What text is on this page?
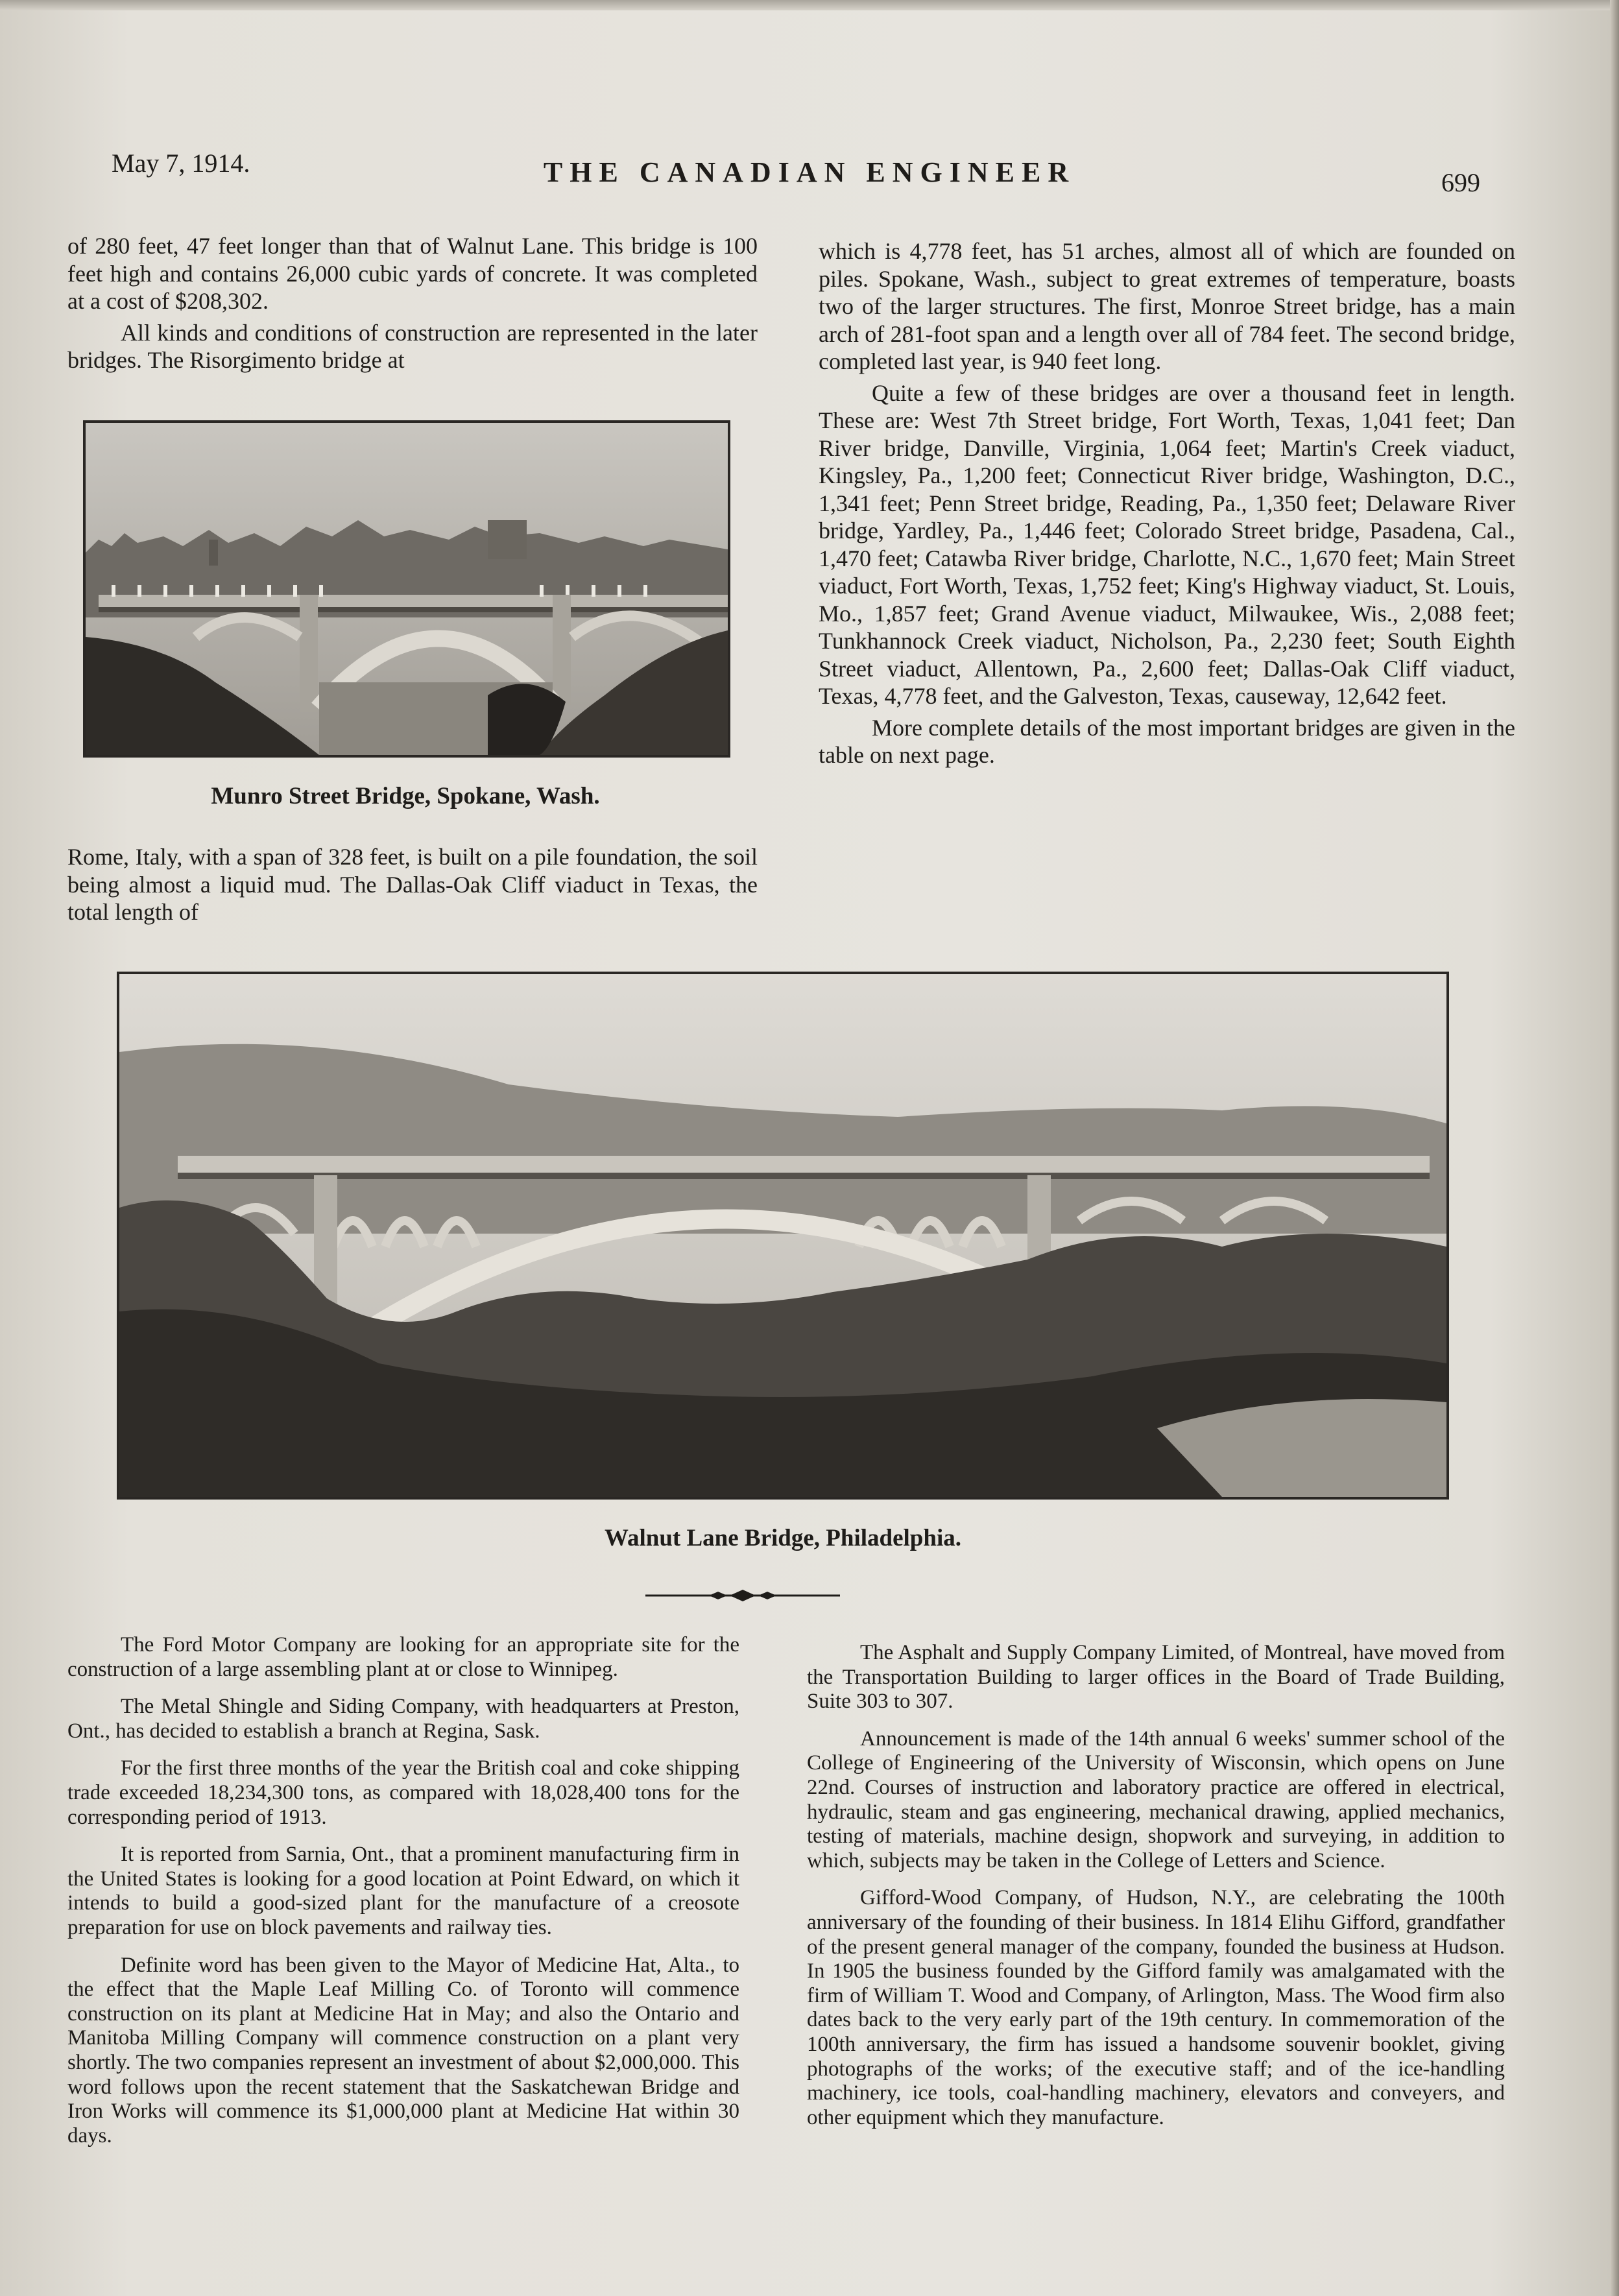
May 7, 1914.	THE CANADIAN ENGINEER	699

of 280 feet, 47 feet longer than that of Walnut Lane. This bridge is 100 feet high and contains 26,000 cubic yards of concrete. It was completed at a cost of $208,302.

All kinds and conditions of construction are represented in the later bridges. The Risorgimento bridge at

Munro Street Bridge, Spokane, Wash.

Rome, Italy, with a span of 328 feet, is built on a pile foundation, the soil being almost a liquid mud. The Dallas-Oak Cliff viaduct in Texas, the total length of

which is 4,778 feet, has 51 arches, almost all of which are founded on piles. Spokane, Wash., subject to great extremes of temperature, boasts two of the larger structures. The first, Monroe Street bridge, has a main arch of 281-foot span and a length over all of 784 feet. The second bridge, completed last year, is 940 feet long.

Quite a few of these bridges are over a thousand feet in length. These are: West 7th Street bridge, Fort Worth, Texas, 1,041 feet; Dan River bridge, Danville, Virginia, 1,064 feet; Martin's Creek viaduct, Kingsley, Pa., 1,200 feet; Connecticut River bridge, Washington, D.C., 1,341 feet; Penn Street bridge, Reading, Pa., 1,350 feet; Delaware River bridge, Yardley, Pa., 1,446 feet; Colorado Street bridge, Pasadena, Cal., 1,470 feet; Catawba River bridge, Charlotte, N.C., 1,670 feet; Main Street viaduct, Fort Worth, Texas, 1,752 feet; King's Highway viaduct, St. Louis, Mo., 1,857 feet; Grand Avenue viaduct, Milwaukee, Wis., 2,088 feet; Tunkhannock Creek viaduct, Nicholson, Pa., 2,230 feet; South Eighth Street viaduct, Allentown, Pa., 2,600 feet; Dallas-Oak Cliff viaduct, Texas, 4,778 feet, and the Galveston, Texas, causeway, 12,642 feet.

More complete details of the most important bridges are given in the table on next page.

Walnut Lane Bridge, Philadelphia.

The Ford Motor Company are looking for an appropriate site for the construction of a large assembling plant at or close to Winnipeg.

The Metal Shingle and Siding Company, with headquarters at Preston, Ont., has decided to establish a branch at Regina, Sask.

For the first three months of the year the British coal and coke shipping trade exceeded 18,234,300 tons, as compared with 18,028,400 tons for the corresponding period of 1913.

It is reported from Sarnia, Ont., that a prominent manufacturing firm in the United States is looking for a good location at Point Edward, on which it intends to build a good-sized plant for the manufacture of a creosote preparation for use on block pavements and railway ties.

Definite word has been given to the Mayor of Medicine Hat, Alta., to the effect that the Maple Leaf Milling Co. of Toronto will commence construction on its plant at Medicine Hat in May; and also the Ontario and Manitoba Milling Company will commence construction on a plant very shortly. The two companies represent an investment of about $2,000,000. This word follows upon the recent statement that the Saskatchewan Bridge and Iron Works will commence its $1,000,000 plant at Medicine Hat within 30 days.

The Asphalt and Supply Company Limited, of Montreal, have moved from the Transportation Building to larger offices in the Board of Trade Building, Suite 303 to 307.

Announcement is made of the 14th annual 6 weeks' summer school of the College of Engineering of the University of Wisconsin, which opens on June 22nd. Courses of instruction and laboratory practice are offered in electrical, hydraulic, steam and gas engineering, mechanical drawing, applied mechanics, testing of materials, machine design, shopwork and surveying, in addition to which, subjects may be taken in the College of Letters and Science.

Gifford-Wood Company, of Hudson, N.Y., are celebrating the 100th anniversary of the founding of their business. In 1814 Elihu Gifford, grandfather of the present general manager of the company, founded the business at Hudson. In 1905 the business founded by the Gifford family was amalgamated with the firm of William T. Wood and Company, of Arlington, Mass. The Wood firm also dates back to the very early part of the 19th century. In commemoration of the 100th anniversary, the firm has issued a handsome souvenir booklet, giving photographs of the works; of the executive staff; and of the ice-handling machinery, ice tools, coal-handling machinery, elevators and conveyers, and other equipment which they manufacture.
